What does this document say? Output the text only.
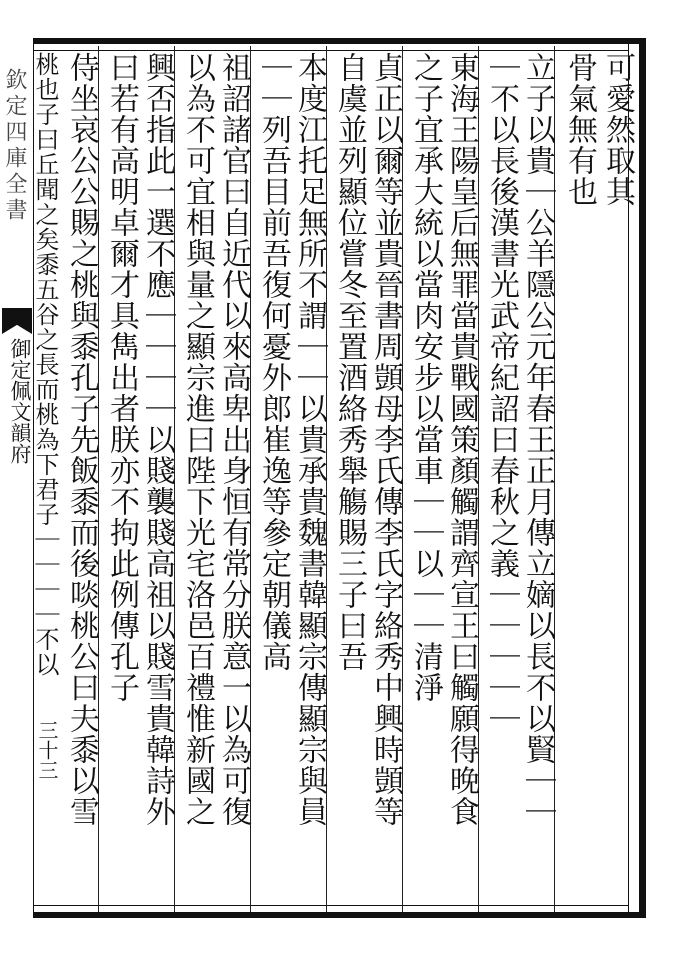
欽定四庫全書
御定佩文韻府
三十三
可愛然取其
骨氣無有也
立子以貴｜公羊隱公元年春王正月傳立嫡以長不以賢｜｜
｜不以長後漢書光武帝紀詔曰春秋之義｜｜｜｜｜
東海王陽皇后無罪當貴戰國策顏觸謂齊宣王曰觸願得晚食
之子宜承大統以當肉安步以當車｜｜以｜｜清淨
貞正以爾等並貴晉書周顗母李氏傳李氏字絡秀中興時顗等
自虞並列顯位嘗冬至置酒絡秀舉觴賜三子曰吾
本度江托足無所不謂｜｜以貴承貴魏書韓顯宗傳顯宗與員
｜｜列吾目前吾復何憂外郎崔逸等參定朝儀高
祖詔諸官曰自近代以來高卑出身恒有常分朕意一以為可復
以為不可宜相與量之顯宗進曰陛下光宅洛邑百禮惟新國之
興否指此一選不應｜｜｜｜以賤襲賤高祖以賤雪貴韓詩外
曰若有高明卓爾才具雋出者朕亦不拘此例傳孔子
侍坐哀公公賜之桃與黍孔子先飯黍而後啖桃公曰夫黍以雪
桃也子曰丘聞之矣黍五谷之長而桃為下君子｜｜｜｜不以
